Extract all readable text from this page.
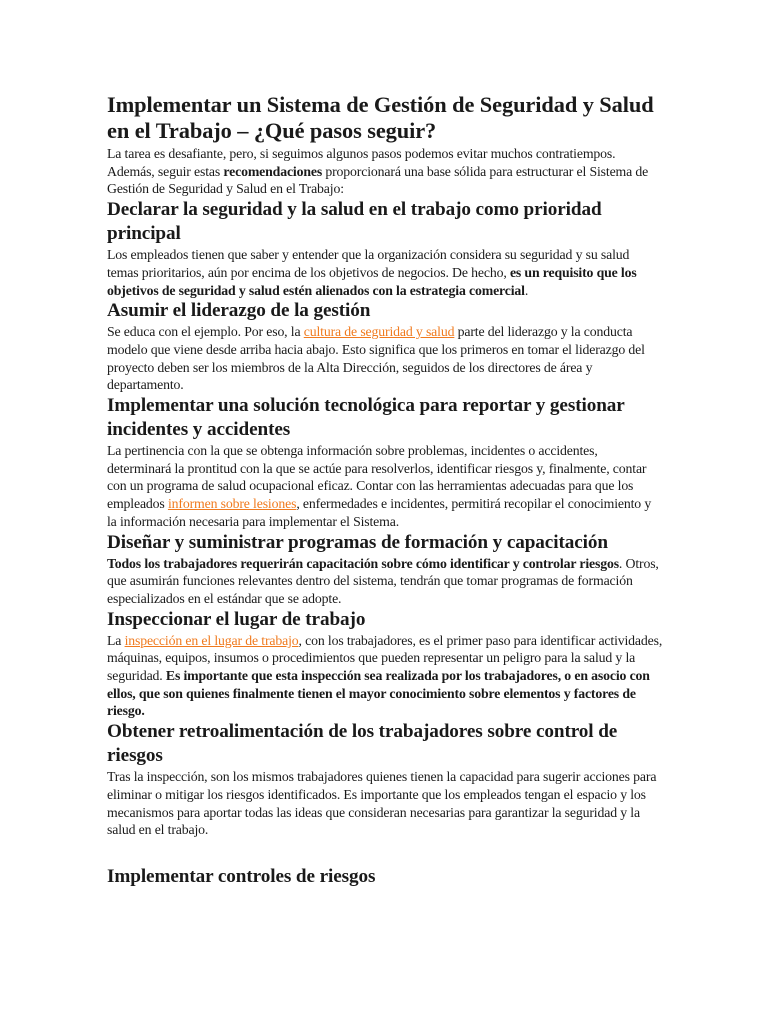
Implementar un Sistema de Gestión de Seguridad y Salud en el Trabajo – ¿Qué pasos seguir?

La tarea es desafiante, pero, si seguimos algunos pasos podemos evitar muchos contratiempos. Además, seguir estas recomendaciones proporcionará una base sólida para estructurar el Sistema de Gestión de Seguridad y Salud en el Trabajo:

Declarar la seguridad y la salud en el trabajo como prioridad principal

Los empleados tienen que saber y entender que la organización considera su seguridad y su salud temas prioritarios, aún por encima de los objetivos de negocios. De hecho, es un requisito que los objetivos de seguridad y salud estén alienados con la estrategia comercial.

Asumir el liderazgo de la gestión

Se educa con el ejemplo. Por eso, la cultura de seguridad y salud parte del liderazgo y la conducta modelo que viene desde arriba hacia abajo. Esto significa que los primeros en tomar el liderazgo del proyecto deben ser los miembros de la Alta Dirección, seguidos de los directores de área y departamento.

Implementar una solución tecnológica para reportar y gestionar incidentes y accidentes

La pertinencia con la que se obtenga información sobre problemas, incidentes o accidentes, determinará la prontitud con la que se actúe para resolverlos, identificar riesgos y, finalmente, contar con un programa de salud ocupacional eficaz. Contar con las herramientas adecuadas para que los empleados informen sobre lesiones, enfermedades e incidentes, permitirá recopilar el conocimiento y la información necesaria para implementar el Sistema.

Diseñar y suministrar programas de formación y capacitación

Todos los trabajadores requerirán capacitación sobre cómo identificar y controlar riesgos. Otros, que asumirán funciones relevantes dentro del sistema, tendrán que tomar programas de formación especializados en el estándar que se adopte.

Inspeccionar el lugar de trabajo

La inspección en el lugar de trabajo, con los trabajadores, es el primer paso para identificar actividades, máquinas, equipos, insumos o procedimientos que pueden representar un peligro para la salud y la seguridad. Es importante que esta inspección sea realizada por los trabajadores, o en asocio con ellos, que son quienes finalmente tienen el mayor conocimiento sobre elementos y factores de riesgo.

Obtener retroalimentación de los trabajadores sobre control de riesgos

Tras la inspección, son los mismos trabajadores quienes tienen la capacidad para sugerir acciones para eliminar o mitigar los riesgos identificados. Es importante que los empleados tengan el espacio y los mecanismos para aportar todas las ideas que consideran necesarias para garantizar la seguridad y la salud en el trabajo.

Implementar controles de riesgos
